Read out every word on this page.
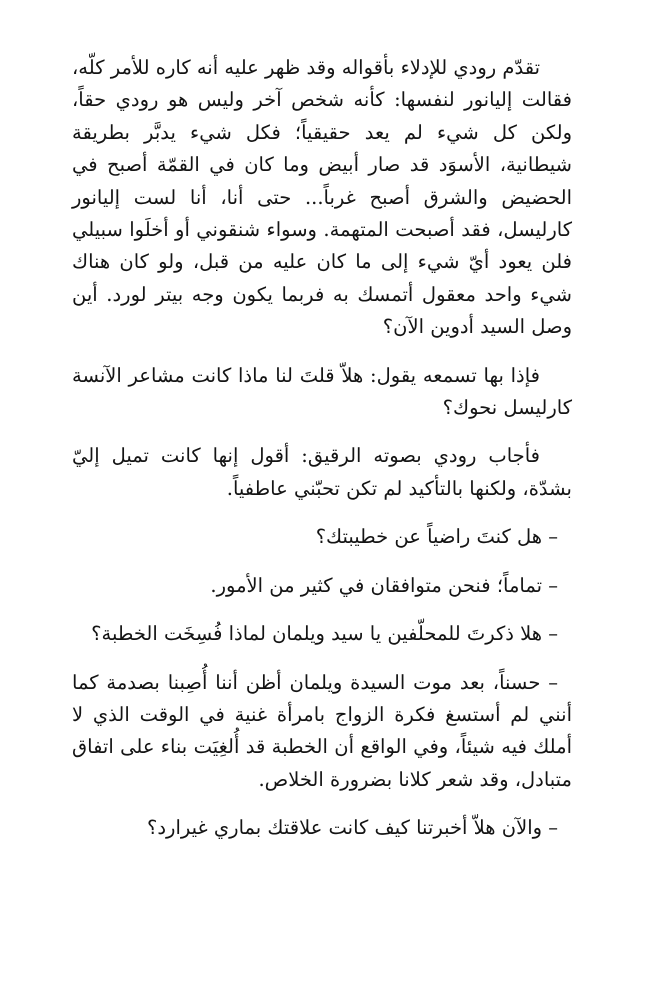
تقدّم رودي للإدلاء بأقواله وقد ظهر عليه أنه كاره للأمر كلّه، فقالت إليانور لنفسها: كأنه شخص آخر وليس هو رودي حقاً، ولكن كل شيء لم يعد حقيقياً؛ فكل شيء يدبَّر بطريقة شيطانية، الأسوَد قد صار أبيض وما كان في القمّة أصبح في الحضيض والشرق أصبح غرباً... حتى أنا، أنا لست إليانور كارليسل، فقد أصبحت المتهمة. وسواء شنقوني أو أخلَوا سبيلي فلن يعود أيّ شيء إلى ما كان عليه من قبل، ولو كان هناك شيء واحد معقول أتمسك به فربما يكون وجه بيتر لورد. أين وصل السيد أدوين الآن؟

فإذا بها تسمعه يقول: هلاّ قلتَ لنا ماذا كانت مشاعر الآنسة كارليسل نحوك؟

فأجاب رودي بصوته الرقيق: أقول إنها كانت تميل إليّ بشدّة، ولكنها بالتأكيد لم تكن تحبّني عاطفياً.

– هل كنتَ راضياً عن خطيبتك؟

– تماماً؛ فنحن متوافقان في كثير من الأمور.

– هلا ذكرتَ للمحلّفين يا سيد ويلمان لماذا فُسِخَت الخطبة؟

– حسناً، بعد موت السيدة ويلمان أظن أننا أُصِبنا بصدمة كما أنني لم أستسغ فكرة الزواج بامرأة غنية في الوقت الذي لا أملك فيه شيئاً، وفي الواقع أن الخطبة قد أُلغِيَت بناء على اتفاق متبادل، وقد شعر كلانا بضرورة الخلاص.

– والآن هلاّ أخبرتنا كيف كانت علاقتك بماري غيرارد؟
